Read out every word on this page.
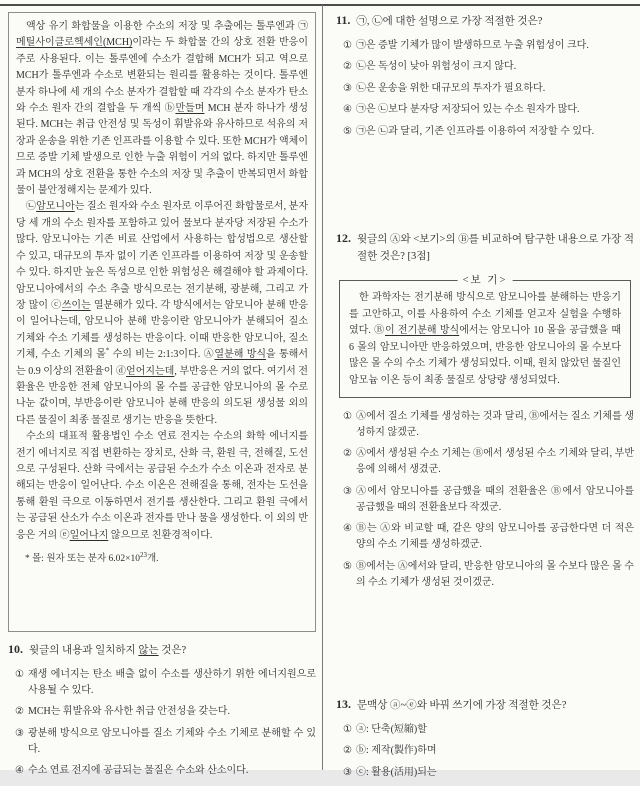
액상 유기 화합물을 이용한 수소의 저장 및 추출에는 톨루엔과 ㉠메틸사이클로헥세인(MCH)이라는 두 화합물 간의 상호 전환 반응이 주로 사용된다. 이는 톨루엔에 수소가 결합해 MCH가 되고 역으로 MCH가 톨루엔과 수소로 변환되는 원리를 활용하는 것이다. 톨루엔 분자 하나에 세 개의 수소 분자가 결합할 때 각각의 수소 분자가 탄소와 수소 원자 간의 결합을 두 개씩 ⓑ만들며 MCH 분자 하나가 생성된다. MCH는 취급 안전성 및 독성이 휘발유와 유사하므로 석유의 저장과 운송을 위한 기존 인프라를 이용할 수 있다. 또한 MCH가 액체이므로 증발 기체 발생으로 인한 누출 위험이 거의 없다. 하지만 톨루엔과 MCH의 상호 전환을 통한 수소의 저장 및 추출이 반복되면서 화합물이 불안정해지는 문제가 있다.

㉡암모니아는 질소 원자와 수소 원자로 이루어진 화합물로서, 분자당 세 개의 수소 원자를 포함하고 있어 물보다 분자당 저장된 수소가 많다. 암모니아는 기존 비료 산업에서 사용하는 합성법으로 생산할 수 있고, 대규모의 투자 없이 기존 인프라를 이용하여 저장 및 운송할 수 있다. 하지만 높은 독성으로 인한 위험성은 해결해야 할 과제이다. 암모니아에서의 수소 추출 방식으로는 전기분해, 광분해, 그리고 가장 많이 ⓒ쓰이는 열분해가 있다. 각 방식에서는 암모니아 분해 반응이 일어나는데, 암모니아 분해 반응이란 암모니아가 분해되어 질소 기체와 수소 기체를 생성하는 반응이다. 이때 반응한 암모니아, 질소 기체, 수소 기체의 몰* 수의 비는 2:1:3이다. Ⓐ열분해 방식을 통해서는 0.9 이상의 전환율이 ⓓ얻어지는데, 부반응은 거의 없다. 여기서 전환율은 반응한 전체 암모니아의 몰 수를 공급한 암모니아의 몰 수로 나눈 값이며, 부반응이란 암모니아 분해 반응의 의도된 생성물 외의 다른 물질이 최종 물질로 생기는 반응을 뜻한다.

수소의 대표적 활용법인 수소 연료 전지는 수소의 화학 에너지를 전기 에너지로 직접 변환하는 장치로, 산화 극, 환원 극, 전해질, 도선으로 구성된다. 산화 극에서는 공급된 수소가 수소 이온과 전자로 분해되는 반응이 일어난다. 수소 이온은 전해질을 통해, 전자는 도선을 통해 환원 극으로 이동하면서 전기를 생산한다. 그리고 환원 극에서는 공급된 산소가 수소 이온과 전자를 만나 물을 생성한다. 이 외의 반응은 거의 ⓔ일어나지 않으므로 친환경적이다.

* 몰: 원자 또는 분자 $6.02\times 10^{23}$개.

10. 윗글의 내용과 일치하지 않는 것은?
① 재생 에너지는 탄소 배출 없이 수소를 생산하기 위한 에너지원으로 사용될 수 있다.
② MCH는 휘발유와 유사한 취급 안전성을 갖는다.
③ 광분해 방식으로 암모니아를 질소 기체와 수소 기체로 분해할 수 있다.
④ 수소 연료 전지에 공급되는 물질은 수소와 산소이다.
11. ㉠, ㉡에 대한 설명으로 가장 적절한 것은?
① ㉠은 증발 기체가 많이 발생하므로 누출 위험성이 크다.
② ㉡은 독성이 낮아 위험성이 크지 않다.
③ ㉡은 운송을 위한 대규모의 투자가 필요하다.
④ ㉠은 ㉡보다 분자당 저장되어 있는 수소 원자가 많다.
⑤ ㉠은 ㉡과 달리, 기존 인프라를 이용하여 저장할 수 있다.
12. 윗글의 Ⓐ와 <보기>의 Ⓑ를 비교하여 탐구한 내용으로 가장 적절한 것은? [3점]
<보 기>

한 과학자는 전기분해 방식으로 암모니아를 분해하는 반응기를 고안하고, 이를 사용하여 수소 기체를 얻고자 실험을 수행하였다. Ⓑ이 전기분해 방식에서는 암모니아 10 몰을 공급했을 때 6 몰의 암모니아만 반응하였으며, 반응한 암모니아의 몰 수보다 많은 몰 수의 수소 기체가 생성되었다. 이때, 원치 않았던 물질인 암모늄 이온 등이 최종 물질로 상당량 생성되었다.

① Ⓐ에서 질소 기체를 생성하는 것과 달리, Ⓑ에서는 질소 기체를 생성하지 않겠군.
② Ⓐ에서 생성된 수소 기체는 Ⓑ에서 생성된 수소 기체와 달리, 부반응에 의해서 생겼군.
③ Ⓐ에서 암모니아를 공급했을 때의 전환율은 Ⓑ에서 암모니아를 공급했을 때의 전환율보다 작겠군.
④ Ⓑ는 Ⓐ와 비교할 때, 같은 양의 암모니아를 공급한다면 더 적은 양의 수소 기체를 생성하겠군.
⑤ Ⓑ에서는 Ⓐ에서와 달리, 반응한 암모니아의 몰 수보다 많은 몰 수의 수소 기체가 생성된 것이겠군.
13. 문맥상 ⓐ~ⓔ와 바꿔 쓰기에 가장 적절한 것은?
① ⓐ: 단축(短縮)할
② ⓑ: 제작(製作)하며
③ ⓒ: 활용(活用)되는
